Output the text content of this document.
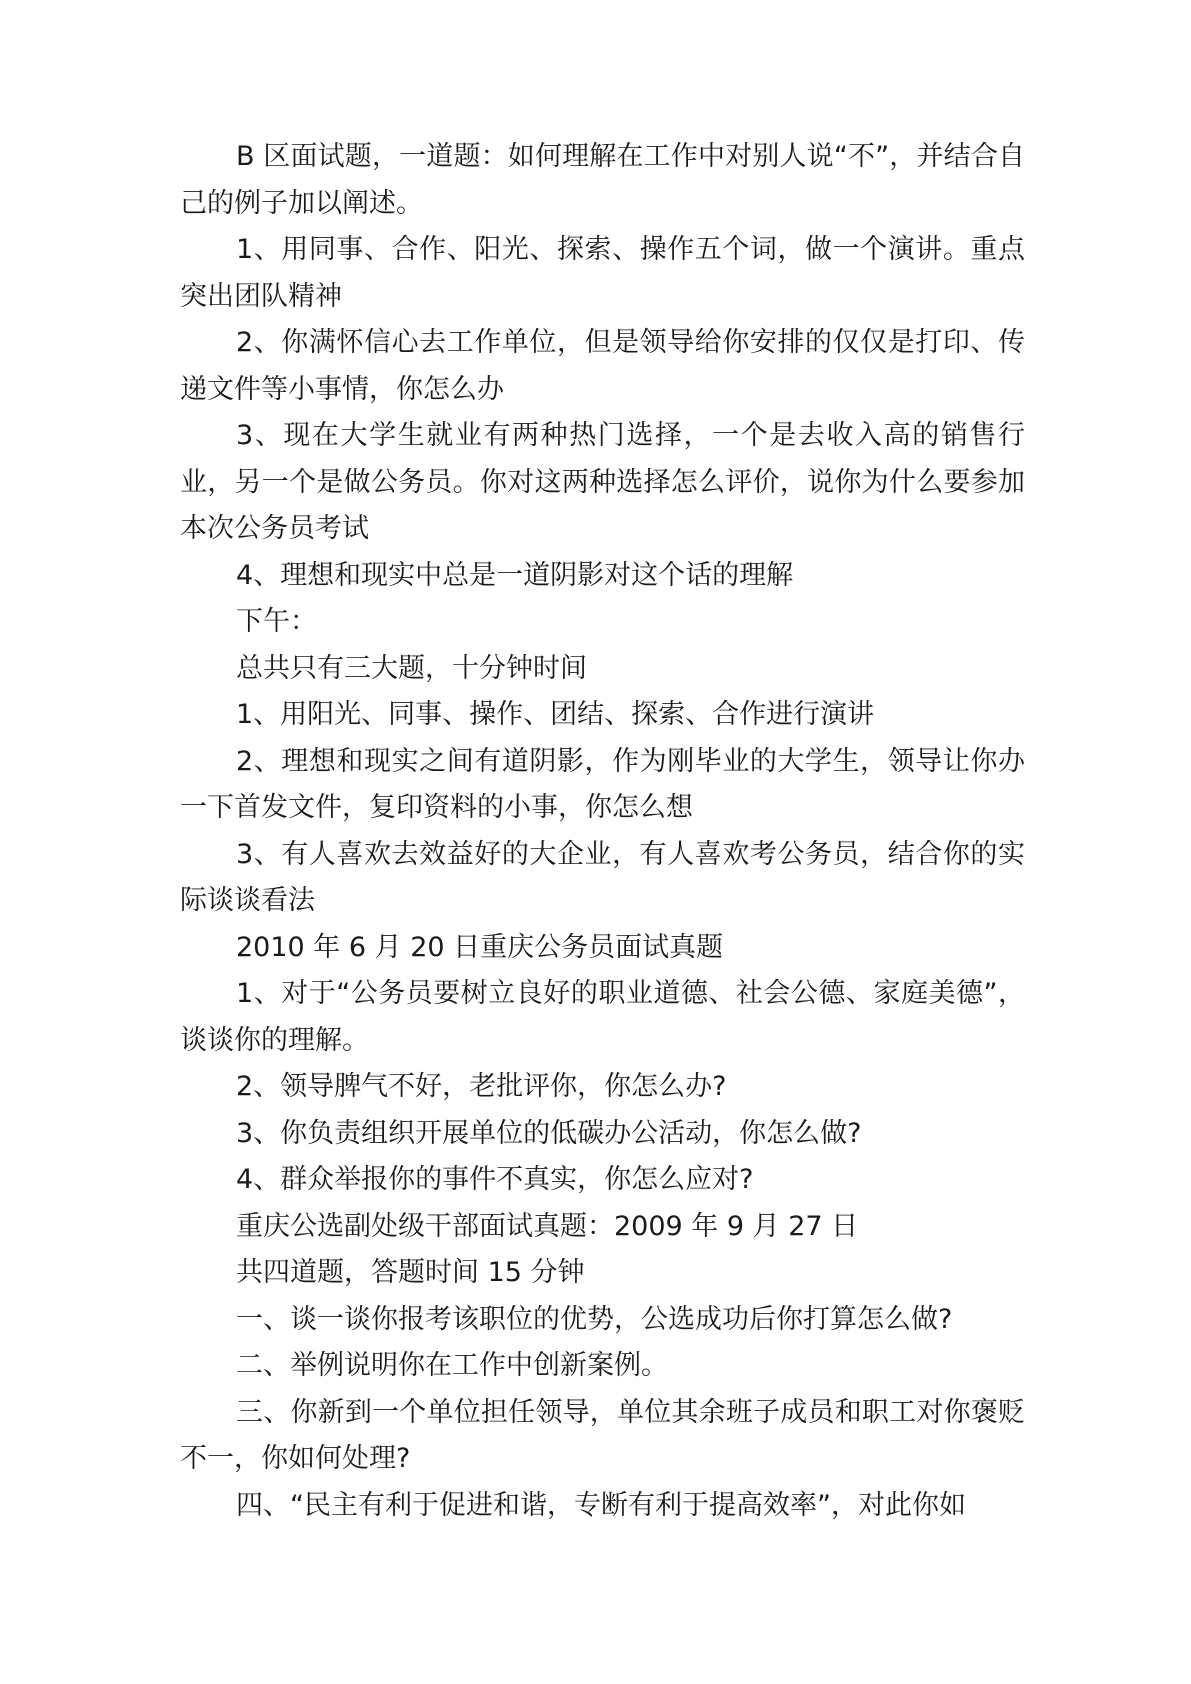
B 区面试题，一道题：如何理解在工作中对别人说“不”，并结合自己的例子加以阐述。

1、用同事、合作、阳光、探索、操作五个词，做一个演讲。重点突出团队精神

2、你满怀信心去工作单位，但是领导给你安排的仅仅是打印、传递文件等小事情，你怎么办

3、现在大学生就业有两种热门选择，一个是去收入高的销售行业，另一个是做公务员。你对这两种选择怎么评价，说你为什么要参加本次公务员考试

4、理想和现实中总是一道阴影对这个话的理解

下午：

总共只有三大题，十分钟时间

1、用阳光、同事、操作、团结、探索、合作进行演讲

2、理想和现实之间有道阴影，作为刚毕业的大学生，领导让你办一下首发文件，复印资料的小事，你怎么想

3、有人喜欢去效益好的大企业，有人喜欢考公务员，结合你的实际谈谈看法

2010 年 6 月 20 日重庆公务员面试真题

1、对于“公务员要树立良好的职业道德、社会公德、家庭美德”，谈谈你的理解。

2、领导脾气不好，老批评你，你怎么办?

3、你负责组织开展单位的低碳办公活动，你怎么做?

4、群众举报你的事件不真实，你怎么应对?

重庆公选副处级干部面试真题：2009 年 9 月 27 日

共四道题，答题时间 15 分钟

一、谈一谈你报考该职位的优势，公选成功后你打算怎么做?

二、举例说明你在工作中创新案例。

三、你新到一个单位担任领导，单位其余班子成员和职工对你褒贬不一，你如何处理?

四、“民主有利于促进和谐，专断有利于提高效率”，对此你如
